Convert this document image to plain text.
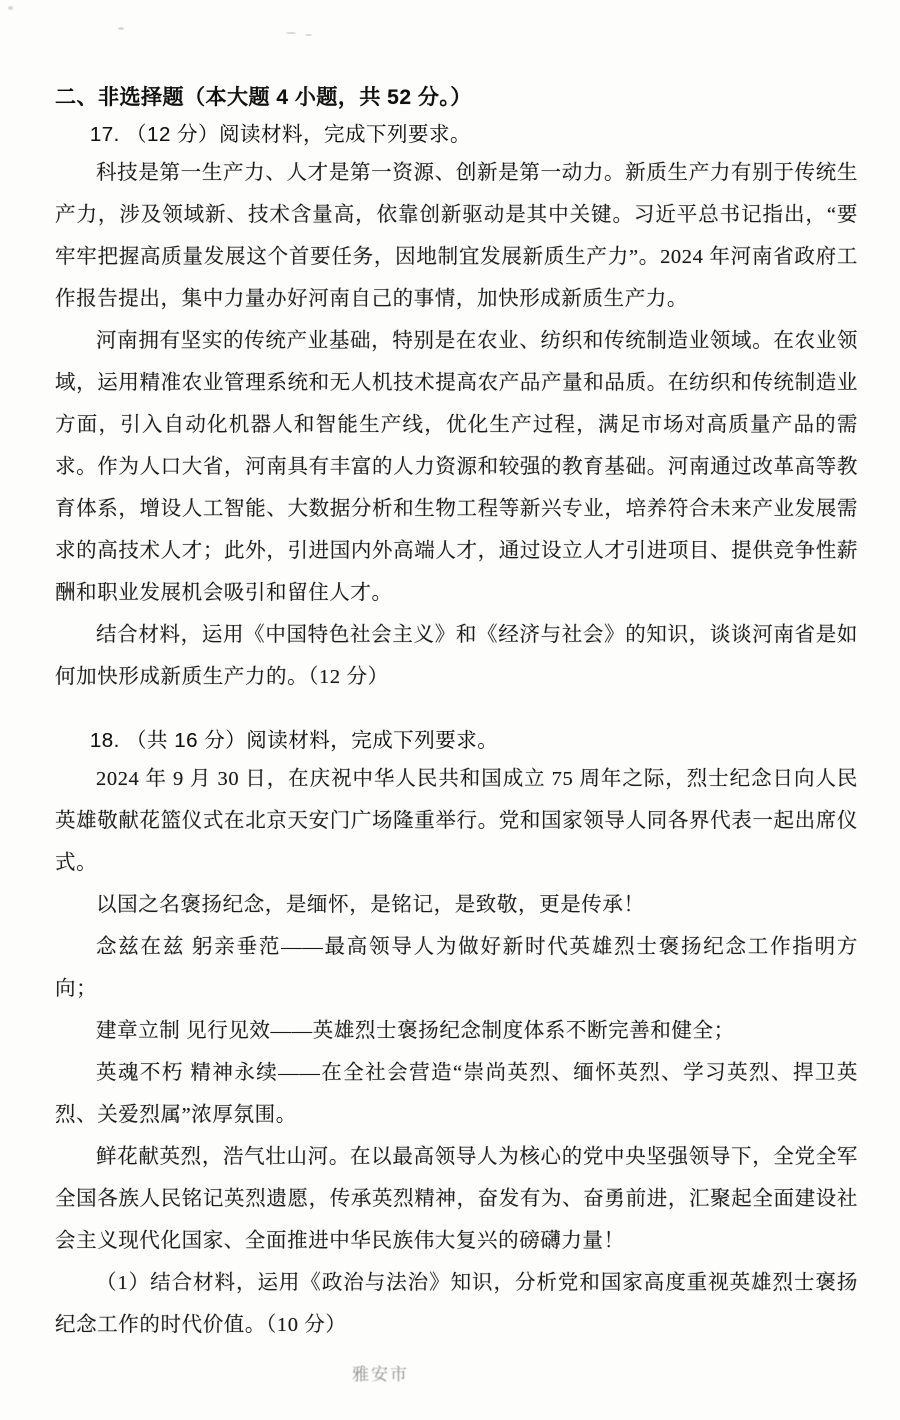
二、非选择题（本大题 4 小题，共 52 分。）

17. （12 分）阅读材料，完成下列要求。

科技是第一生产力、人才是第一资源、创新是第一动力。新质生产力有别于传统生产力，涉及领域新、技术含量高，依靠创新驱动是其中关键。习近平总书记指出，“要牢牢把握高质量发展这个首要任务，因地制宜发展新质生产力”。2024 年河南省政府工作报告提出，集中力量办好河南自己的事情，加快形成新质生产力。

河南拥有坚实的传统产业基础，特别是在农业、纺织和传统制造业领域。在农业领域，运用精准农业管理系统和无人机技术提高农产品产量和品质。在纺织和传统制造业方面，引入自动化机器人和智能生产线，优化生产过程，满足市场对高质量产品的需求。作为人口大省，河南具有丰富的人力资源和较强的教育基础。河南通过改革高等教育体系，增设人工智能、大数据分析和生物工程等新兴专业，培养符合未来产业发展需求的高技术人才；此外，引进国内外高端人才，通过设立人才引进项目、提供竞争性薪酬和职业发展机会吸引和留住人才。

结合材料，运用《中国特色社会主义》和《经济与社会》的知识，谈谈河南省是如何加快形成新质生产力的。（12 分）

18. （共 16 分）阅读材料，完成下列要求。

2024 年 9 月 30 日，在庆祝中华人民共和国成立 75 周年之际，烈士纪念日向人民英雄敬献花篮仪式在北京天安门广场隆重举行。党和国家领导人同各界代表一起出席仪式。

以国之名褒扬纪念，是缅怀，是铭记，是致敬，更是传承！

念兹在兹 躬亲垂范——最高领导人为做好新时代英雄烈士褒扬纪念工作指明方向；

建章立制 见行见效——英雄烈士褒扬纪念制度体系不断完善和健全；

英魂不朽 精神永续——在全社会营造“崇尚英烈、缅怀英烈、学习英烈、捍卫英烈、关爱烈属”浓厚氛围。

鲜花献英烈，浩气壮山河。在以最高领导人为核心的党中央坚强领导下，全党全军全国各族人民铭记英烈遗愿，传承英烈精神，奋发有为、奋勇前进，汇聚起全面建设社会主义现代化国家、全面推进中华民族伟大复兴的磅礴力量！

（1）结合材料，运用《政治与法治》知识，分析党和国家高度重视英雄烈士褒扬纪念工作的时代价值。（10 分）

雅安市
